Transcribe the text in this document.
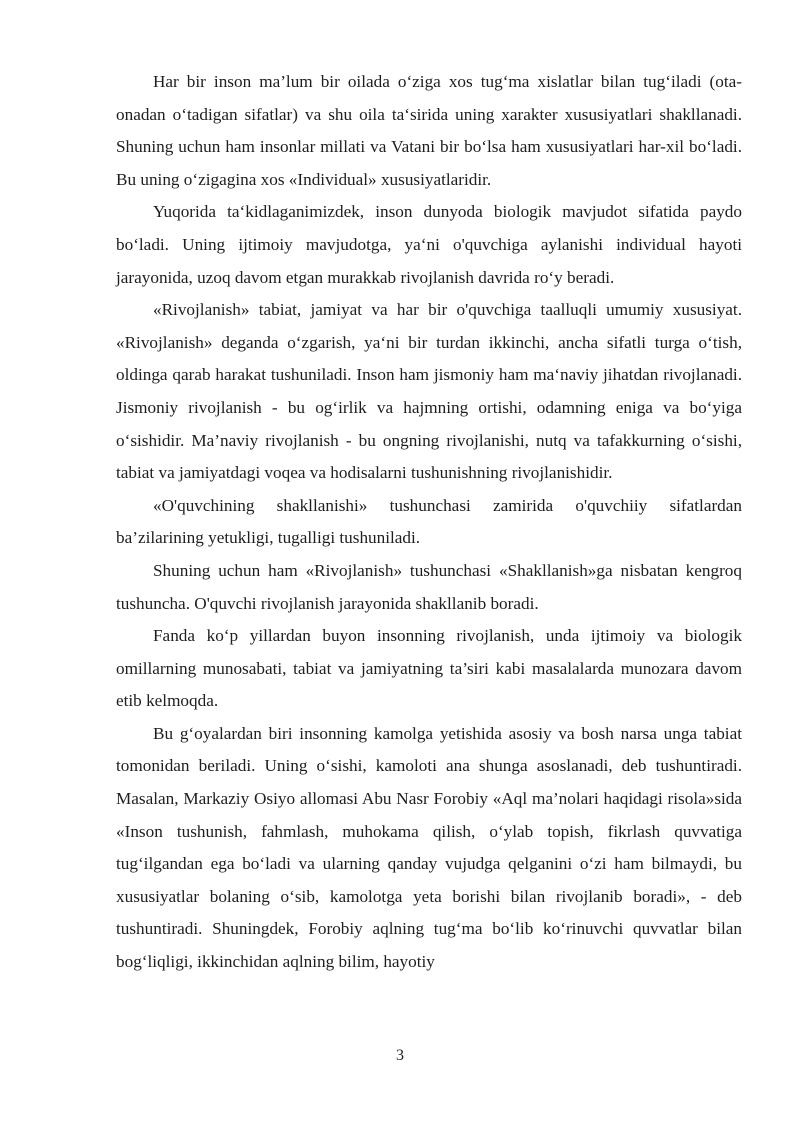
Har bir inson ma’lum bir oilada o‘ziga xos tug‘ma xislatlar bilan tug‘iladi (ota-onadan o‘tadigan sifatlar) va shu oila ta‘sirida uning xarakter xususiyatlari shakllanadi. Shuning uchun ham insonlar millati va Vatani bir bo‘lsa ham xususiyatlari har-xil bo‘ladi. Bu uning o‘zigagina xos «Individual» xususiyatlaridir.

Yuqorida ta‘kidlaganimizdek, inson dunyoda biologik mavjudot sifatida paydo bo‘ladi. Uning ijtimoiy mavjudotga, ya‘ni o'quvchiga aylanishi individual hayoti jarayonida, uzoq davom etgan murakkab rivojlanish davrida ro‘y beradi.

«Rivojlanish» tabiat, jamiyat va har bir o'quvchiga taalluqli umumiy xususiyat. «Rivojlanish» deganda o‘zgarish, ya‘ni bir turdan ikkinchi, ancha sifatli turga o‘tish, oldinga qarab harakat tushuniladi. Inson ham jismoniy ham ma‘naviy jihatdan rivojlanadi. Jismoniy rivojlanish - bu og‘irlik va hajmning ortishi, odamning eniga va bo‘yiga o‘sishidir. Ma’naviy rivojlanish - bu ongning rivojlanishi, nutq va tafakkurning o‘sishi, tabiat va jamiyatdagi voqea va hodisalarni tushunishning rivojlanishidir.

«O'quvchining shakllanishi» tushunchasi zamirida o'quvchiiy sifatlardan ba’zilarining yetukligi, tugalligi tushuniladi.

Shuning uchun ham «Rivojlanish» tushunchasi «Shakllanish»ga nisbatan kengroq tushuncha. O'quvchi rivojlanish jarayonida shakllanib boradi.

Fanda ko‘p yillardan buyon insonning rivojlanish, unda ijtimoiy va biologik omillarning munosabati, tabiat va jamiyatning ta’siri kabi masalalarda munozara davom etib kelmoqda.

Bu g‘oyalardan biri insonning kamolga yetishida asosiy va bosh narsa unga tabiat tomonidan beriladi. Uning o‘sishi, kamoloti ana shunga asoslanadi, deb tushuntiradi. Masalan, Markaziy Osiyo allomasi Abu Nasr Forobiy «Aql ma’nolari haqidagi risola»sida «Inson tushunish, fahmlash, muhokama qilish, o‘ylab topish, fikrlash quvvatiga tug‘ilgandan ega bo‘ladi va ularning qanday vujudga qelganini o‘zi ham bilmaydi, bu xususiyatlar bolaning o‘sib, kamolotga yeta borishi bilan rivojlanib boradi», - deb tushuntiradi. Shuningdek, Forobiy aqlning tug‘ma bo‘lib ko‘rinuvchi quvvatlar bilan bog‘liqligi, ikkinchidan aqlning bilim, hayotiy

3
